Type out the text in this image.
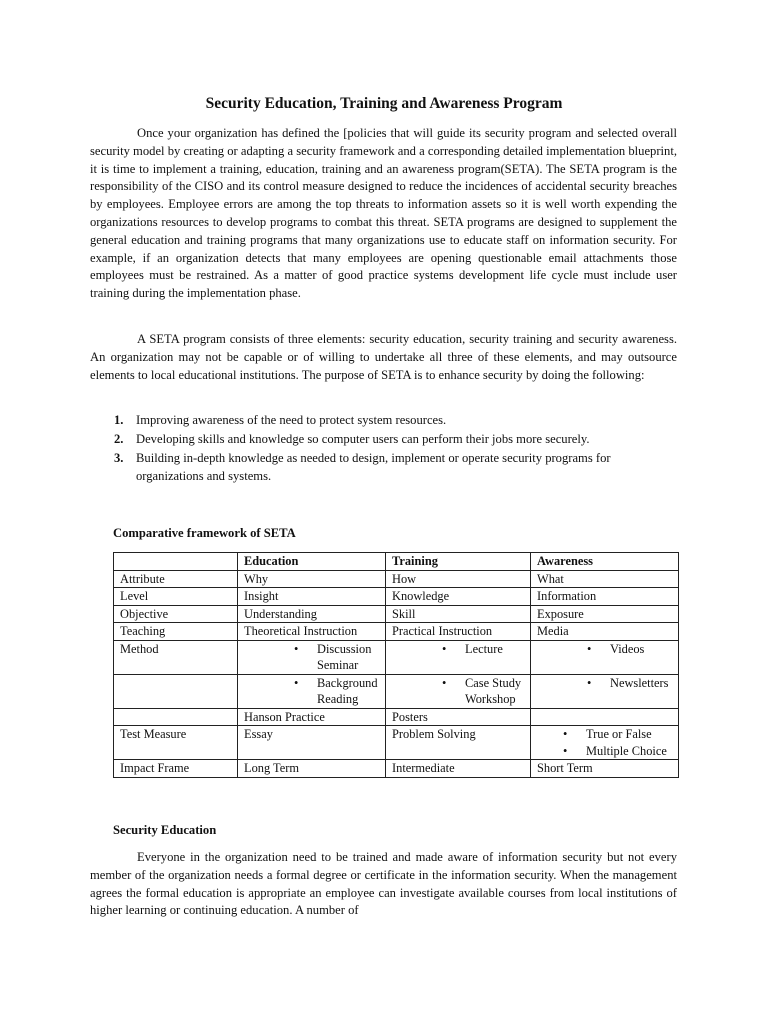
Security Education, Training and Awareness Program

Once your organization has defined the [policies that will guide its security program and selected overall security model by creating or adapting a security framework and a corresponding detailed implementation blueprint, it is time to implement a training, education, training and an awareness program(SETA). The SETA program is the responsibility of the CISO and its control measure designed to reduce the incidences of accidental security breaches by employees. Employee errors are among the top threats to information assets so it is well worth expending the organizations resources to develop programs to combat this threat. SETA programs are designed to supplement the general education and training programs that many organizations use to educate staff on information security. For example, if an organization detects that many employees are opening questionable email attachments those employees must be restrained. As a matter of good practice systems development life cycle must include user training during the implementation phase.

A SETA program consists of three elements: security education, security training and security awareness. An organization may not be capable or of willing to undertake all three of these elements, and may outsource elements to local educational institutions. The purpose of SETA is to enhance security by doing the following:

1. Improving awareness of the need to protect system resources.
2. Developing skills and knowledge so computer users can perform their jobs more securely.
3. Building in-depth knowledge as needed to design, implement or operate security programs for organizations and systems.
Comparative framework of SETA
	Education	Training	Awareness
Attribute	Why	How	What
Level	Insight	Knowledge	Information
Objective	Understanding	Skill	Exposure
Teaching	Theoretical Instruction	Practical Instruction	Media
Method	• Discussion Seminar	• Lecture	• Videos

	• Background Reading	• Case Study Workshop	• Newsletters

	Hanson Practice	Posters	
Test Measure	Essay	Problem Solving	• True or False
• Multiple Choice

Impact Frame	Long Term	Intermediate	Short Term
Security Education

Everyone in the organization need to be trained and made aware of information security but not every member of the organization needs a formal degree or certificate in the information security. When the management agrees the formal education is appropriate an employee can investigate available courses from local institutions of higher learning or continuing education. A number of
